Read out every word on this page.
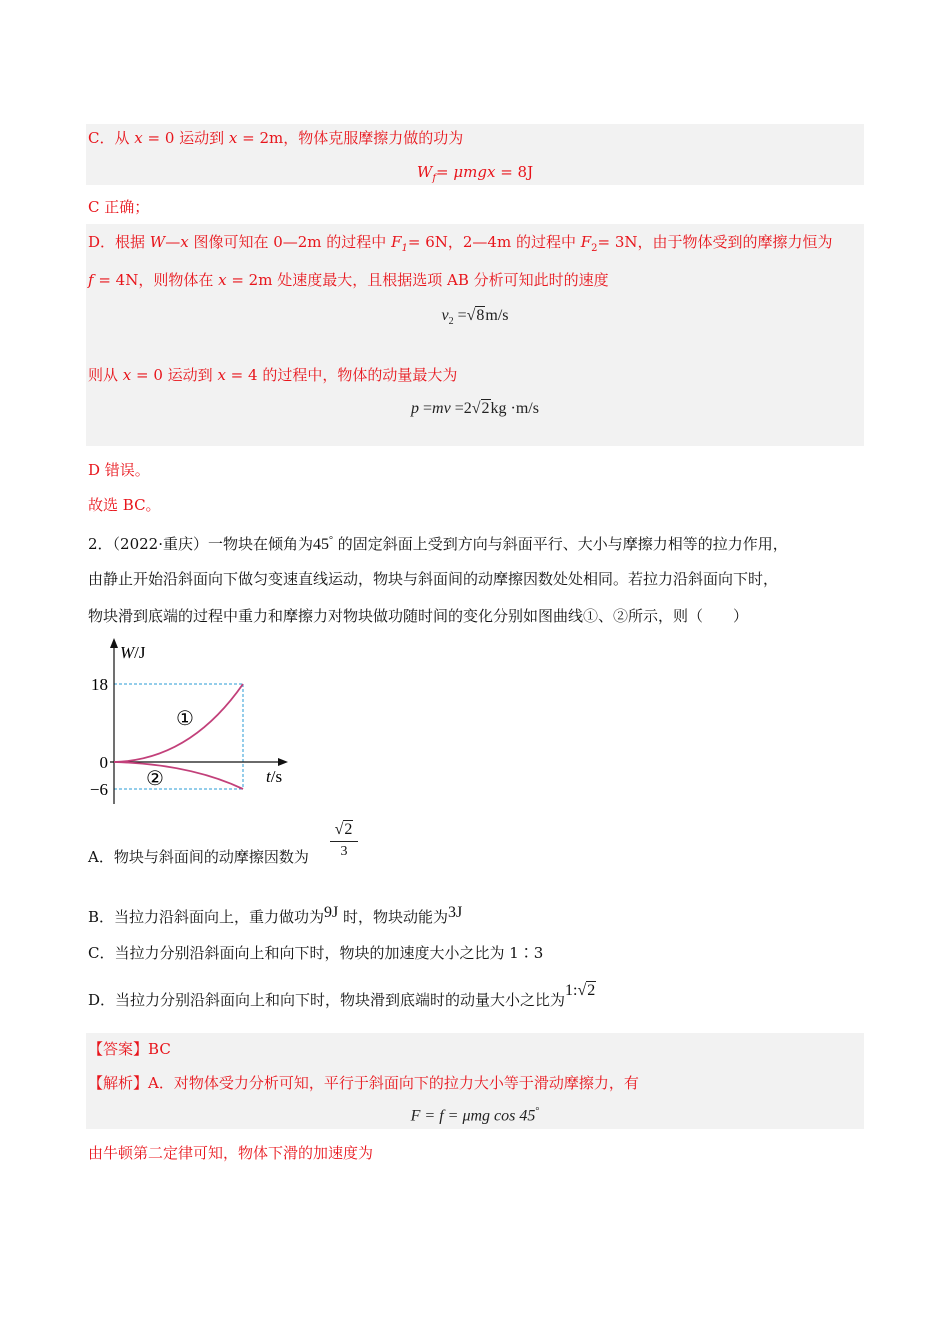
C．从 x = 0 运动到 x = 2m，物体克服摩擦力做的功为
$W_f= \mu mgx = 8J$
C 正确；
D．根据 W—x 图像可知在 0—2m 的过程中 $F_1= 6N$，2—4m 的过程中 $F_2= 3N$，由于物体受到的摩擦力恒为
f = 4N，则物体在 x = 2m 处速度最大，且根据选项 AB 分析可知此时的速度
$v_2 =√8m/s$
则从 x = 0 运动到 x = 4 的过程中，物体的动量最大为
p =mv =2√2kg ·m/s
D 错误。
故选 BC。
2．（2022·重庆）一物块在倾角为45° 的固定斜面上受到方向与斜面平行、大小与摩擦力相等的拉力作用，
由静止开始沿斜面向下做匀变速直线运动，物块与斜面间的动摩擦因数处处相同。若拉力沿斜面向下时，
物块滑到底端的过程中重力和摩擦力对物块做功随时间的变化分别如图曲线①、②所示，则（　　）
W/J
t/s
18
0
−6
①
②
A．物块与斜面间的动摩擦因数为
√2
3
B．当拉力沿斜面向上，重力做功为9J 时，物块动能为3J
C．当拉力分别沿斜面向上和向下时，物块的加速度大小之比为 1∶3
D．当拉力分别沿斜面向上和向下时，物块滑到底端时的动量大小之比为1:√2
【答案】BC
【解析】A．对物体受力分析可知，平行于斜面向下的拉力大小等于滑动摩擦力，有
F = f = μmg cos 45°
由牛顿第二定律可知，物体下滑的加速度为
